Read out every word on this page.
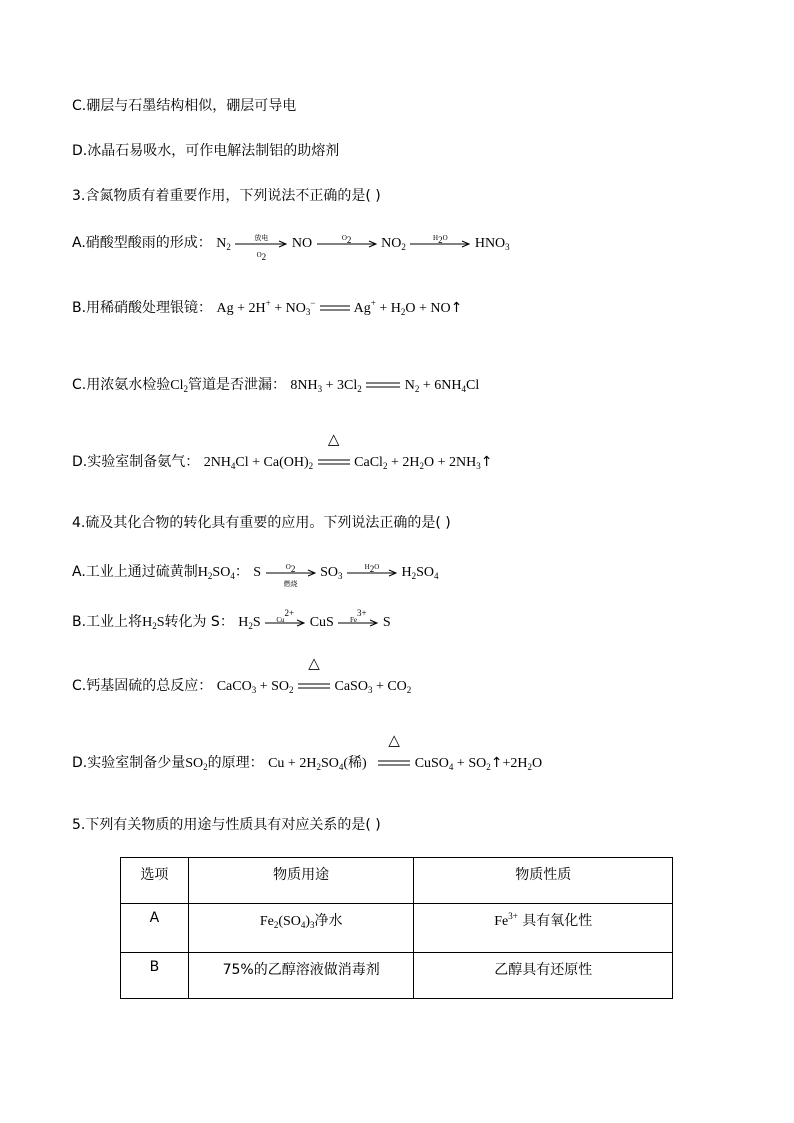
C.硼层与石墨结构相似，硼层可导电
D.冰晶石易吸水，可作电解法制铝的助熔剂
3.含氮物质有着重要作用，下列说法不正确的是( )
A.硝酸型酸雨的形成： $N_2$
放电
$O_2$
NO	$O_2$	$NO_2$
$H_2O$	$HNO_3$
B.用稀硝酸处理银镜： $Ag + 2H^+ + NO_3^-$	$Ag^+ + H_2O$ + NO↑
C.用浓氨水检验$Cl_2$管道是否泄漏： $8NH_3 + 3Cl_2$	$N_2 + 6NH_4Cl$
D.实验室制备氨气： $2NH_4Cl + Ca(OH)_2$
△
CaCl$_2$ + $2H_2O$ + $2NH_3↑$
4.硫及其化合物的转化具有重要的应用。下列说法正确的是( )
A.工业上通过硫黄制$H_2SO_4$： S	$O_2$
燃烧
$SO_3$
$H_2O$	$H_2SO_4$
B.工业上将$H_2S$转化为 S： $H_2S$	$Cu^{2+}$
CuS	$Fe^{3+}$
S
C.钙基固硫的总反应： CaCO$_3$ + $SO_2$
△
CaSO$_3$ + $CO_2$
D.实验室制备少量$SO_2$的原理： $Cu + 2H_2SO_4$(稀)
△
CuSO$_4$ + $SO_2↑+2H_2O$
5.下列有关物质的用途与性质具有对应关系的是( )
选项	物质用途	物质性质
A	$Fe_2(SO_4)_3$净水	$Fe^{3+}$ 具有氧化性
B	75%的乙醇溶液做消毒剂	乙醇具有还原性
